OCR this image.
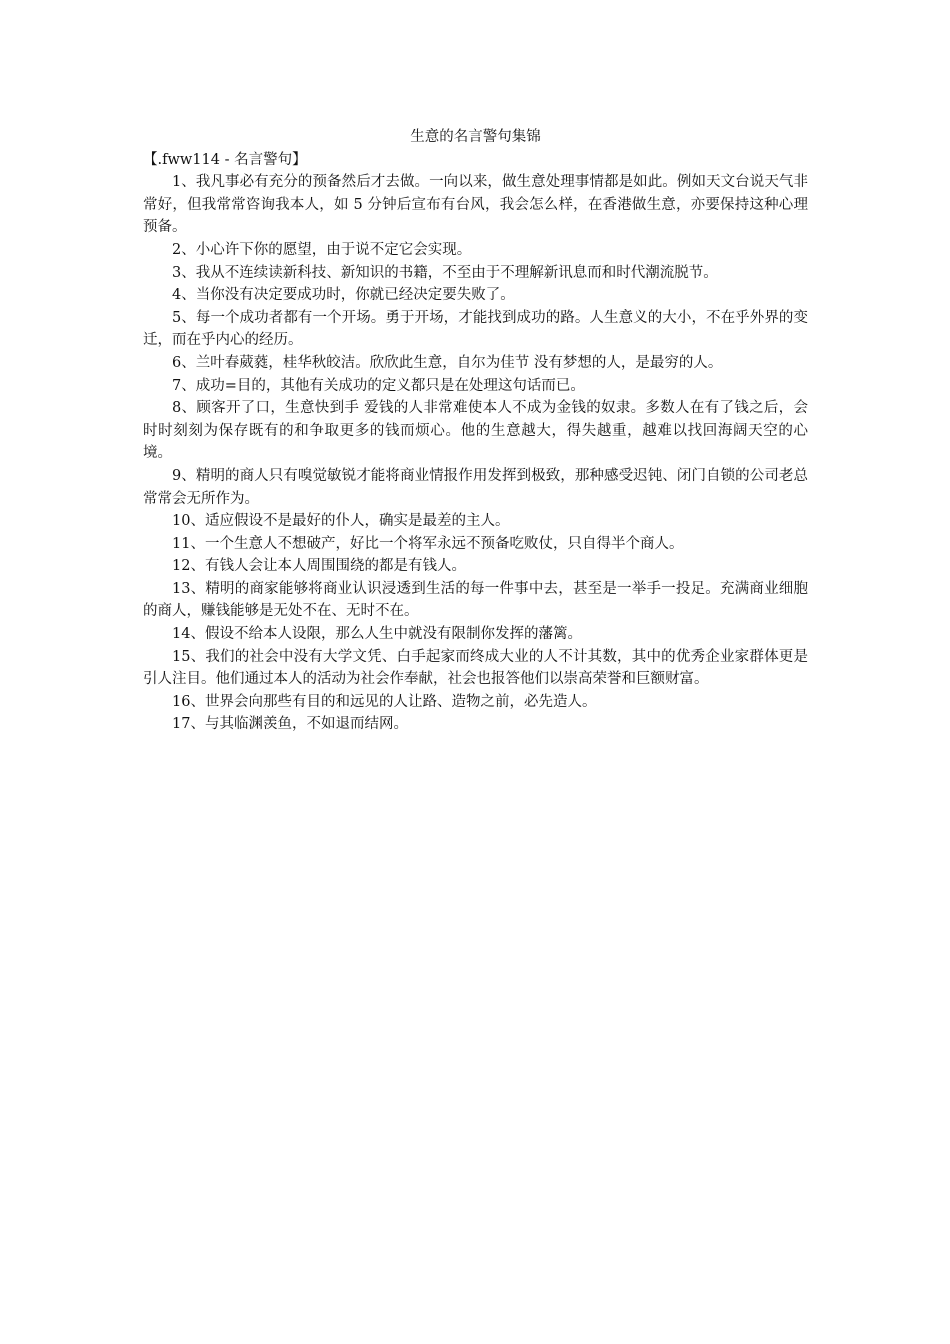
生意的名言警句集锦

【.fww114 - 名言警句】

1、我凡事必有充分的预备然后才去做。一向以来，做生意处理事情都是如此。例如天文台说天气非常好，但我常常咨询我本人，如 5 分钟后宣布有台风，我会怎么样，在香港做生意，亦要保持这种心理预备。

2、小心许下你的愿望，由于说不定它会实现。

3、我从不连续读新科技、新知识的书籍，不至由于不理解新讯息而和时代潮流脱节。

4、当你没有决定要成功时，你就已经决定要失败了。

5、每一个成功者都有一个开场。勇于开场，才能找到成功的路。人生意义的大小，不在乎外界的变迁，而在乎内心的经历。

6、兰叶春葳蕤，桂华秋皎洁。欣欣此生意，自尔为佳节 没有梦想的人，是最穷的人。

7、成功=目的，其他有关成功的定义都只是在处理这句话而已。

8、顾客开了口，生意快到手 爱钱的人非常难使本人不成为金钱的奴隶。多数人在有了钱之后，会时时刻刻为保存既有的和争取更多的钱而烦心。他的生意越大，得失越重，越难以找回海阔天空的心境。

9、精明的商人只有嗅觉敏锐才能将商业情报作用发挥到极致，那种感受迟钝、闭门自锁的公司老总常常会无所作为。

10、适应假设不是最好的仆人，确实是最差的主人。

11、一个生意人不想破产，好比一个将军永远不预备吃败仗，只自得半个商人。

12、有钱人会让本人周围围绕的都是有钱人。

13、精明的商家能够将商业认识浸透到生活的每一件事中去，甚至是一举手一投足。充满商业细胞的商人，赚钱能够是无处不在、无时不在。

14、假设不给本人设限，那么人生中就没有限制你发挥的藩篱。

15、我们的社会中没有大学文凭、白手起家而终成大业的人不计其数，其中的优秀企业家群体更是引人注目。他们通过本人的活动为社会作奉献，社会也报答他们以崇高荣誉和巨额财富。

16、世界会向那些有目的和远见的人让路、造物之前，必先造人。

17、与其临渊羡鱼，不如退而结网。
